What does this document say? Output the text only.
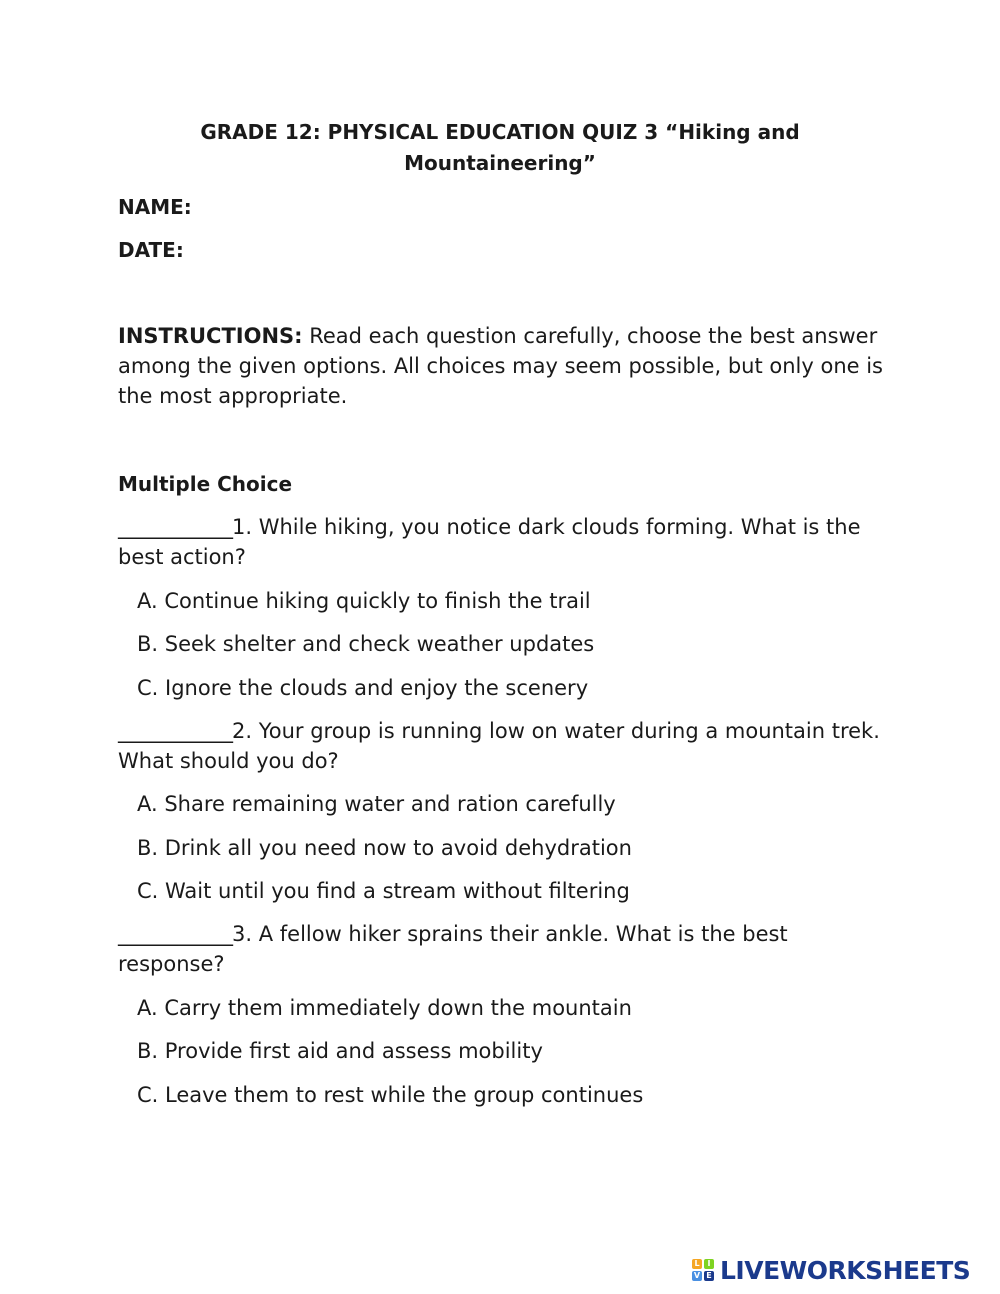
GRADE 12: PHYSICAL EDUCATION QUIZ 3 “Hiking and
Mountaineering”
NAME:
DATE:
INSTRUCTIONS: Read each question carefully, choose the best answer among the given options. All choices may seem possible, but only one is the most appropriate.
Multiple Choice
____________1. While hiking, you notice dark clouds forming. What is the best action?
A. Continue hiking quickly to finish the trail
B. Seek shelter and check weather updates
C. Ignore the clouds and enjoy the scenery
____________2. Your group is running low on water during a mountain trek. What should you do?
A. Share remaining water and ration carefully
B. Drink all you need now to avoid dehydration
C. Wait until you find a stream without filtering
____________3. A fellow hiker sprains their ankle. What is the best response?
A. Carry them immediately down the mountain
B. Provide first aid and assess mobility
C. Leave them to rest while the group continues
L I
V E LIVEWORKSHEETS
